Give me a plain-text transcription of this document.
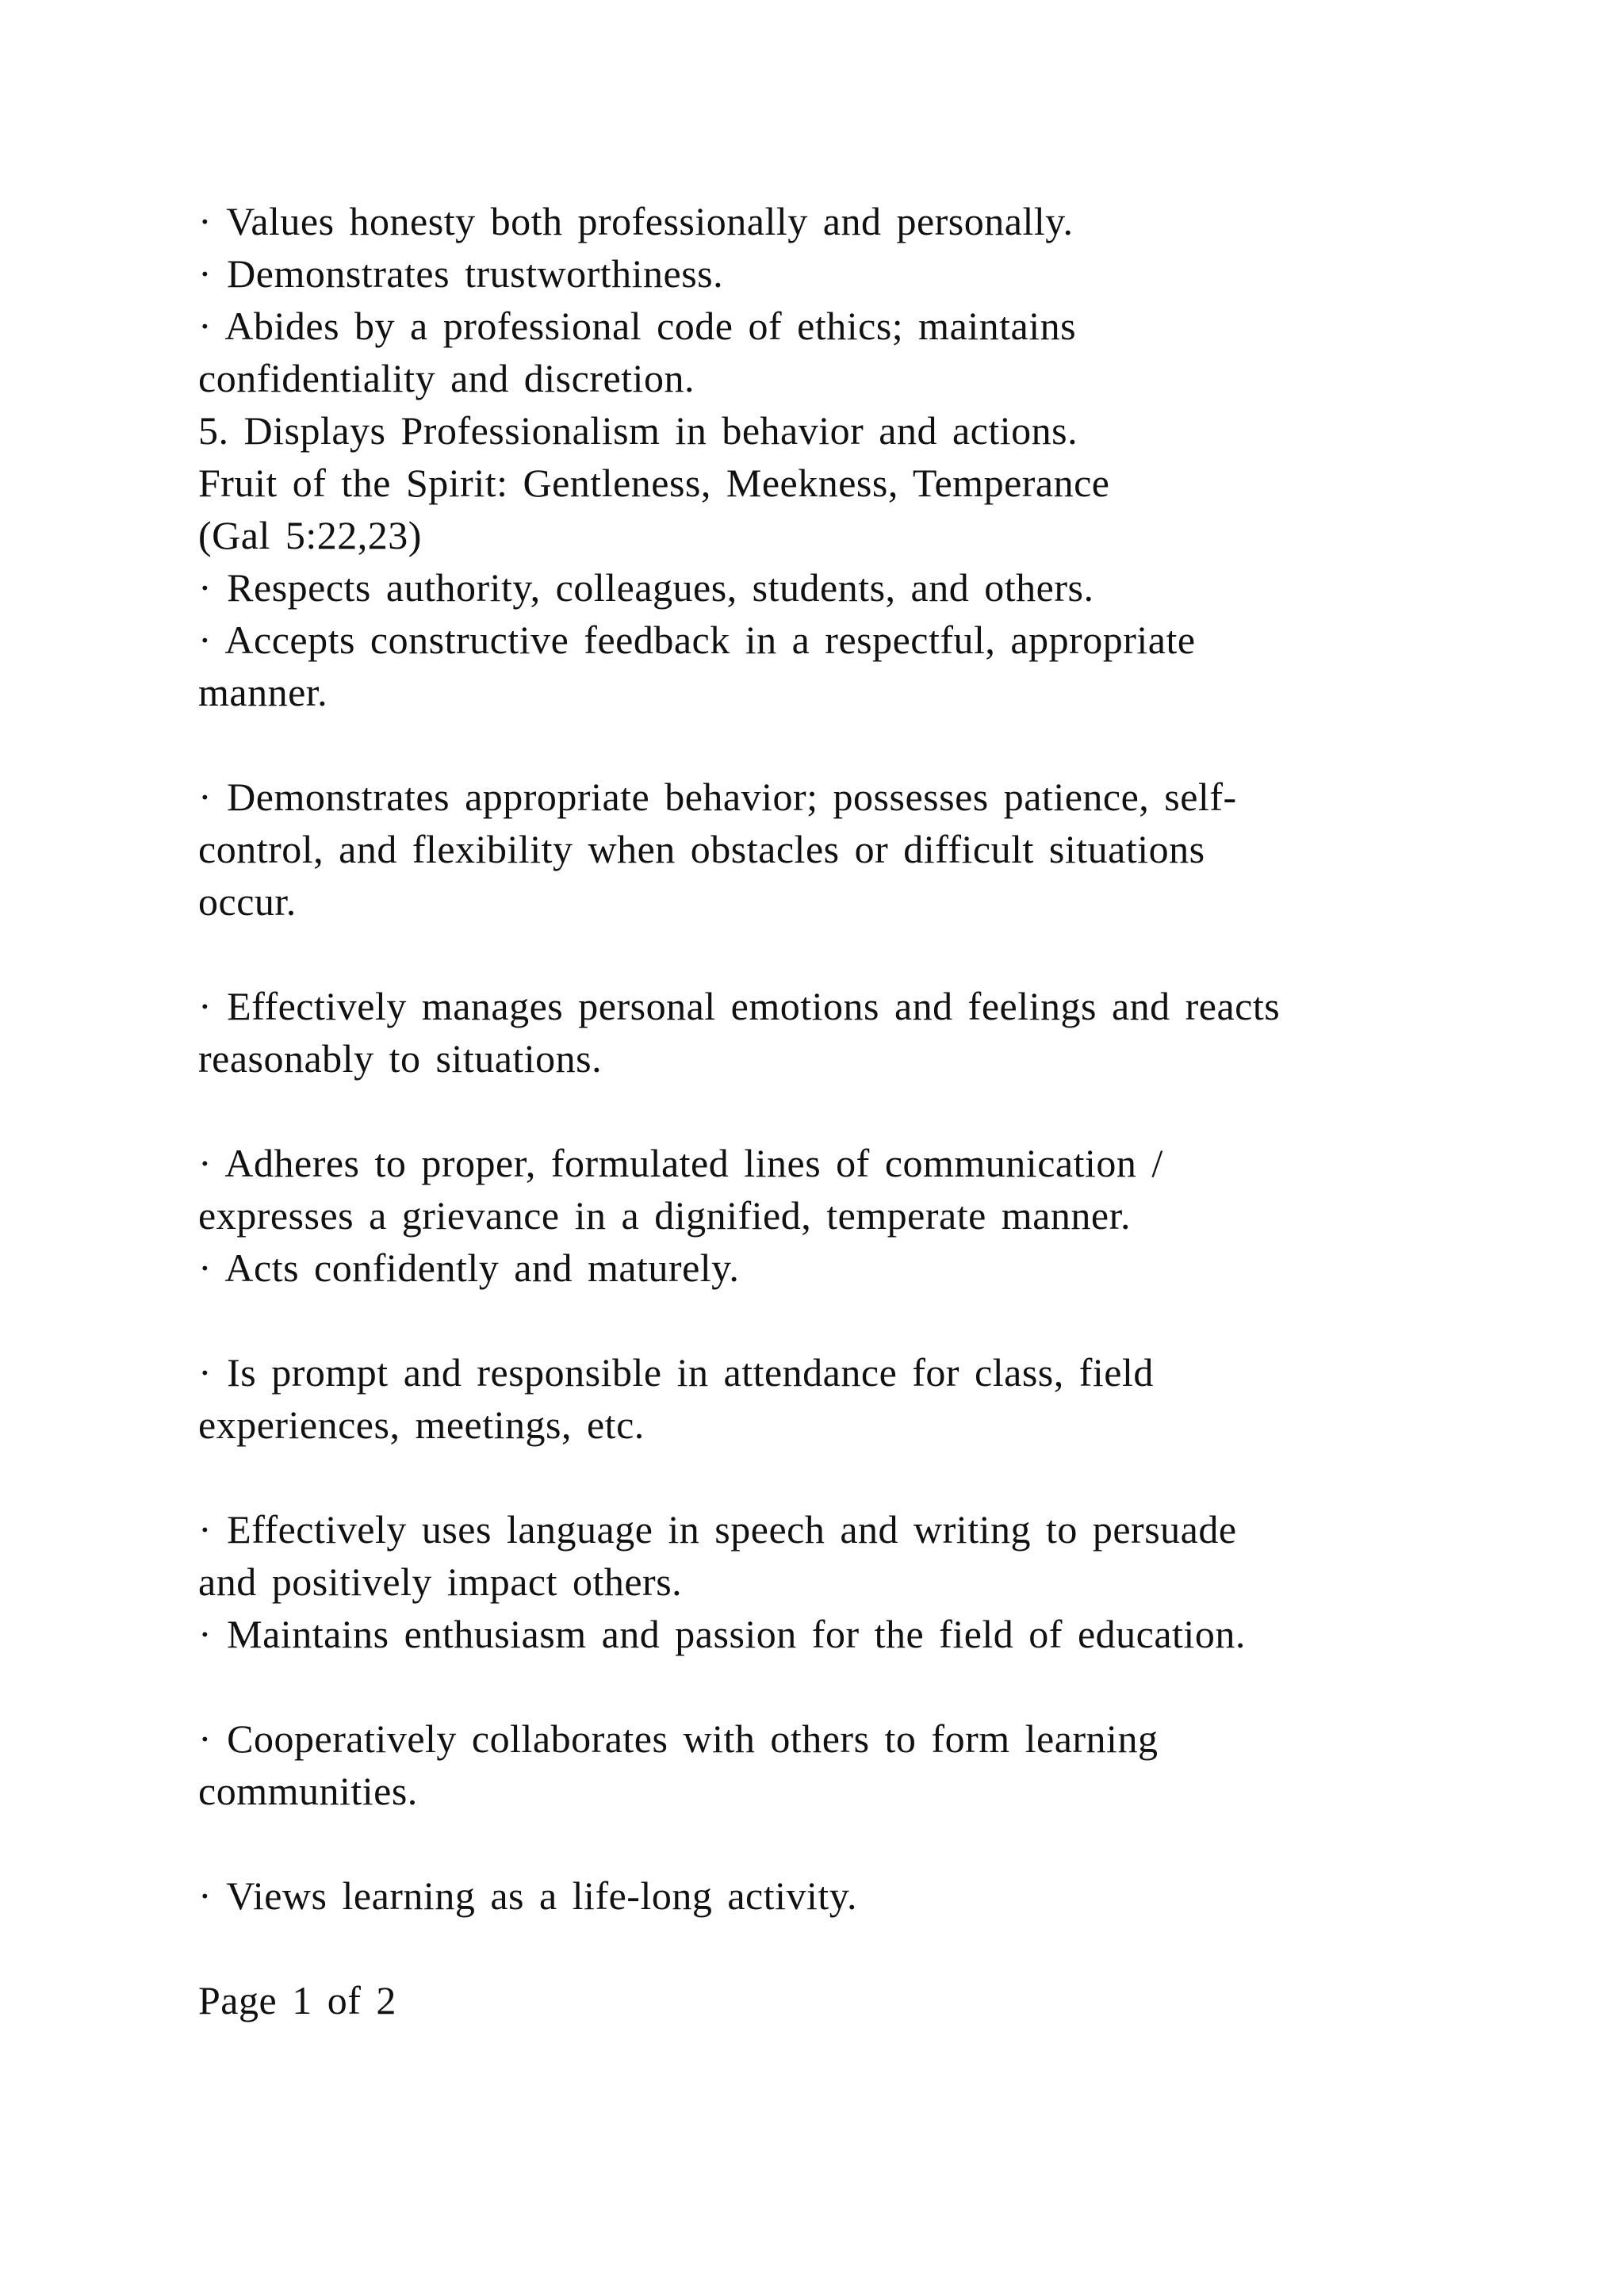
· Values honesty both professionally and personally.
· Demonstrates trustworthiness.
· Abides by a professional code of ethics; maintains
confidentiality and discretion.
5. Displays Professionalism in behavior and actions.
Fruit of the Spirit: Gentleness, Meekness, Temperance
(Gal 5:22,23)
· Respects authority, colleagues, students, and others.
· Accepts constructive feedback in a respectful, appropriate
manner.
· Demonstrates appropriate behavior; possesses patience, self-
control, and flexibility when obstacles or difficult situations
occur.
· Effectively manages personal emotions and feelings and reacts
reasonably to situations.
· Adheres to proper, formulated lines of communication /
expresses a grievance in a dignified, temperate manner.
· Acts confidently and maturely.
· Is prompt and responsible in attendance for class, field
experiences, meetings, etc.
· Effectively uses language in speech and writing to persuade
and positively impact others.
· Maintains enthusiasm and passion for the field of education.
· Cooperatively collaborates with others to form learning
communities.
· Views learning as a life-long activity.
Page 1 of 2
